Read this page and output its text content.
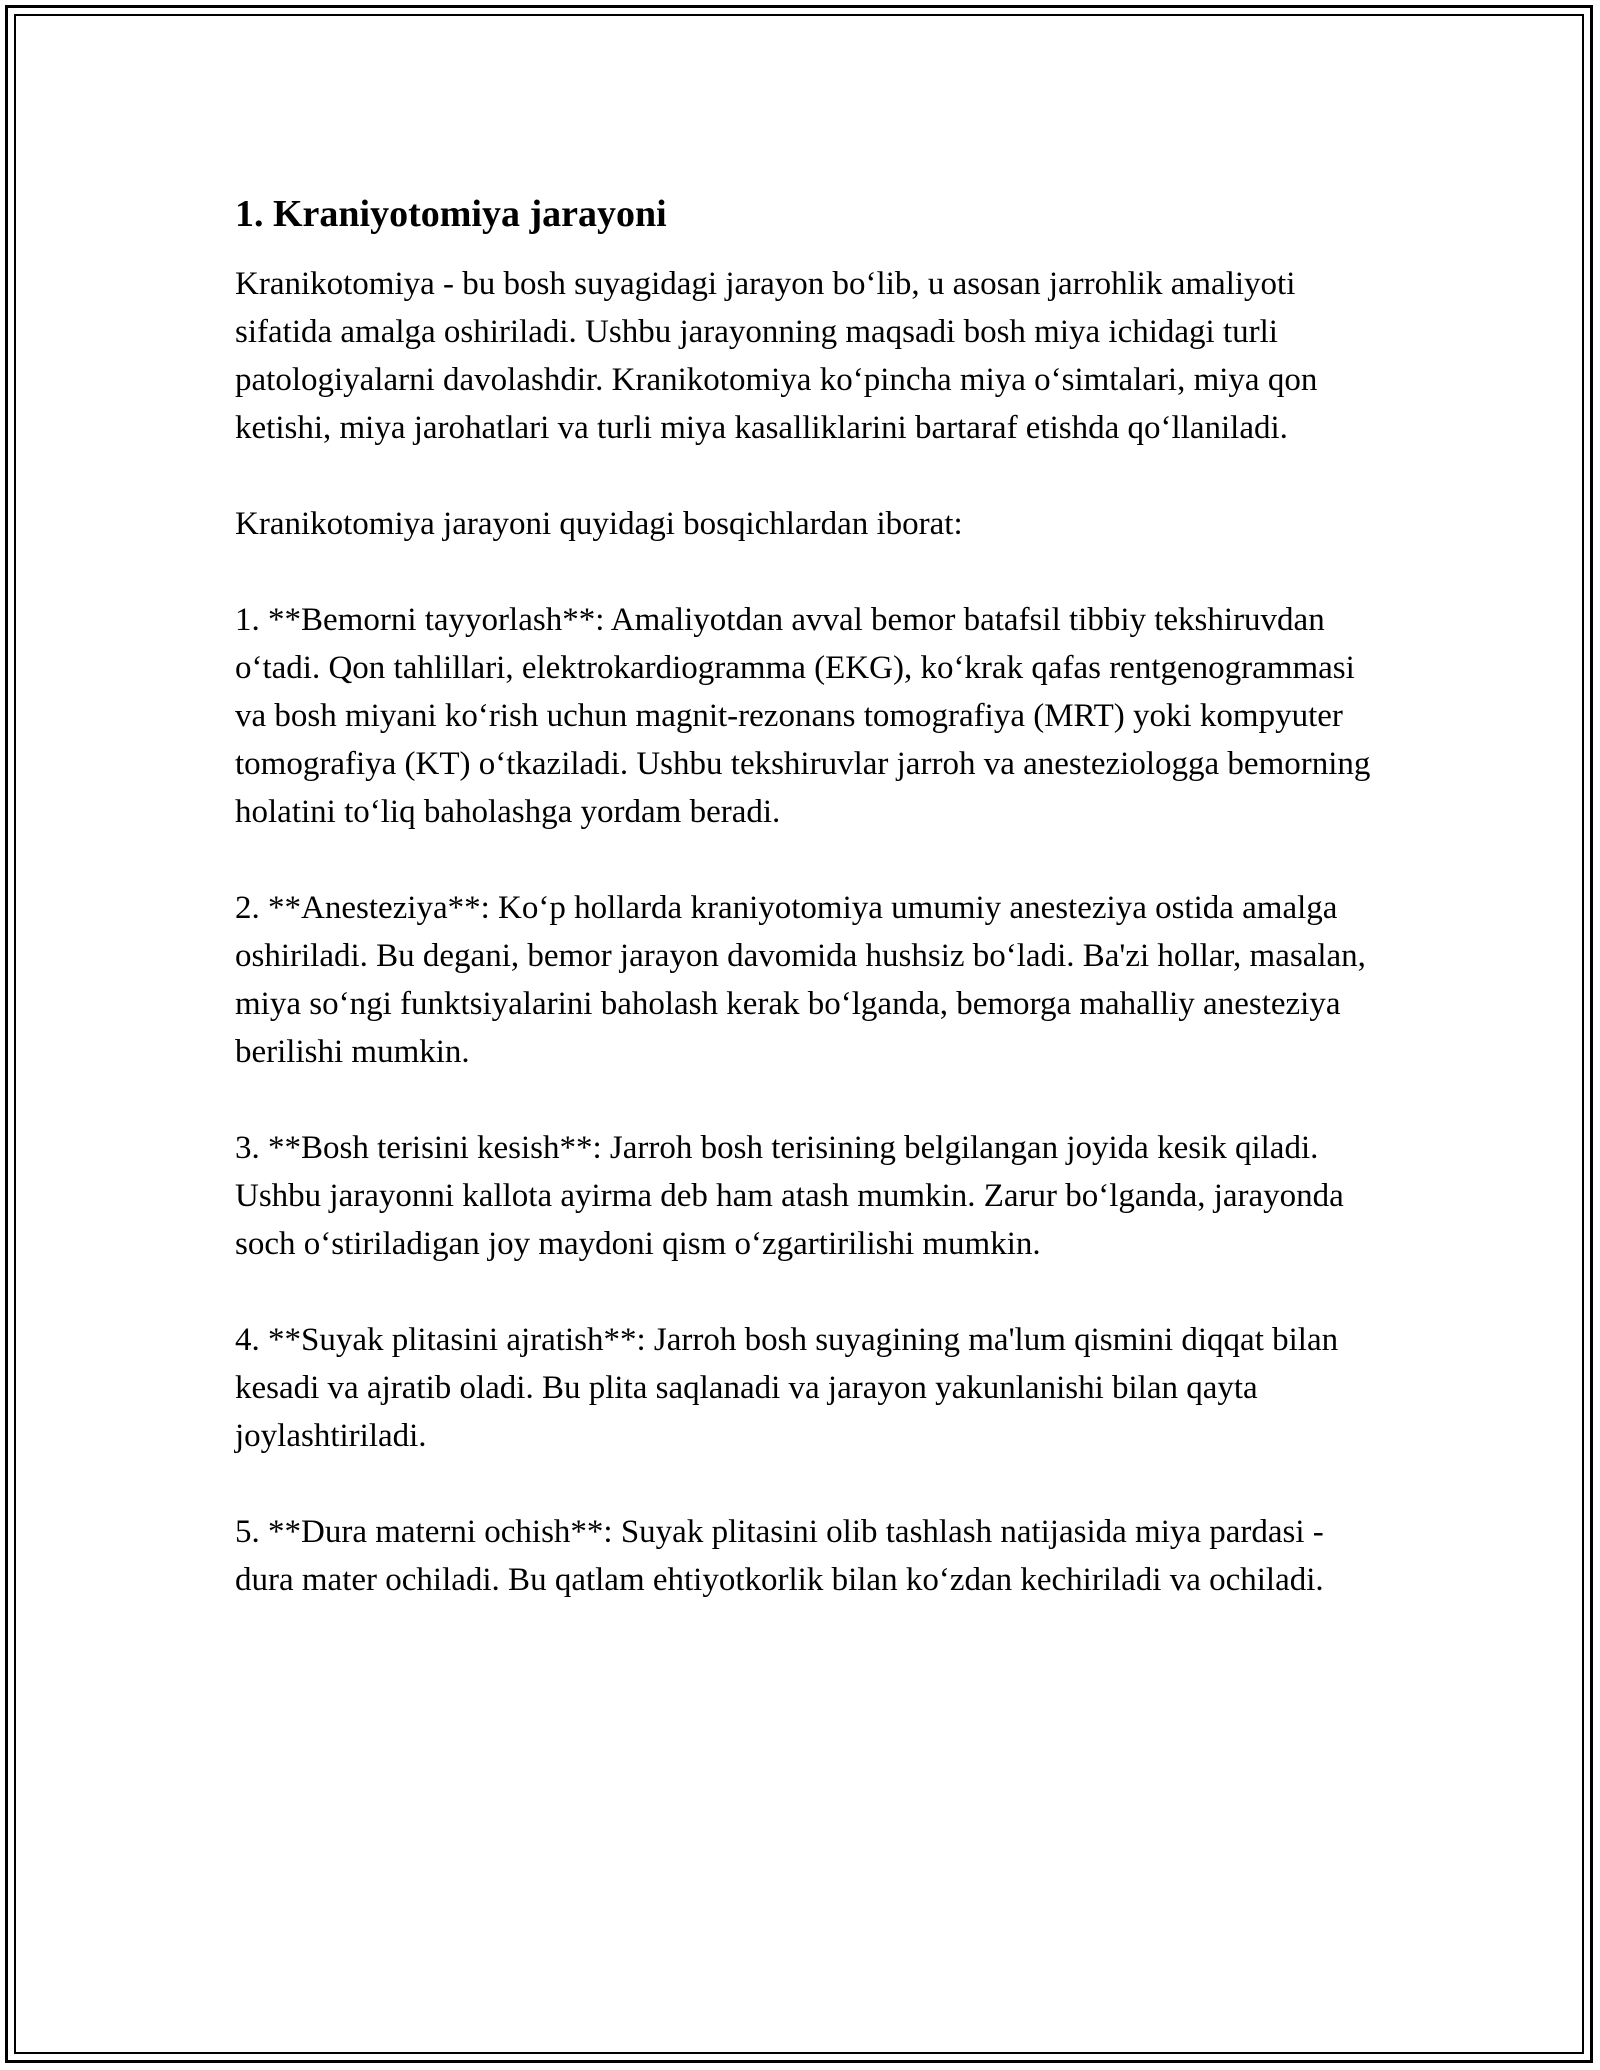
1. Kraniyotomiya jarayoni

Kranikotomiya - bu bosh suyagidagi jarayon bo‘lib, u asosan jarrohlik amaliyoti sifatida amalga oshiriladi. Ushbu jarayonning maqsadi bosh miya ichidagi turli patologiyalarni davolashdir. Kranikotomiya ko‘pincha miya o‘simtalari, miya qon ketishi, miya jarohatlari va turli miya kasalliklarini bartaraf etishda qo‘llaniladi.

Kranikotomiya jarayoni quyidagi bosqichlardan iborat:

1. **Bemorni tayyorlash**: Amaliyotdan avval bemor batafsil tibbiy tekshiruvdan o‘tadi. Qon tahlillari, elektrokardiogramma (EKG), ko‘krak qafas rentgenogrammasi va bosh miyani ko‘rish uchun magnit-rezonans tomografiya (MRT) yoki kompyuter tomografiya (KT) o‘tkaziladi. Ushbu tekshiruvlar jarroh va anesteziologga bemorning holatini to‘liq baholashga yordam beradi.

2. **Anesteziya**: Ko‘p hollarda kraniyotomiya umumiy anesteziya ostida amalga oshiriladi. Bu degani, bemor jarayon davomida hushsiz bo‘ladi. Ba'zi hollar, masalan, miya so‘ngi funktsiyalarini baholash kerak bo‘lganda, bemorga mahalliy anesteziya berilishi mumkin.

3. **Bosh terisini kesish**: Jarroh bosh terisining belgilangan joyida kesik qiladi. Ushbu jarayonni kallota ayirma deb ham atash mumkin. Zarur bo‘lganda, jarayonda soch o‘stiriladigan joy maydoni qism o‘zgartirilishi mumkin.

4. **Suyak plitasini ajratish**: Jarroh bosh suyagining ma'lum qismini diqqat bilan kesadi va ajratib oladi. Bu plita saqlanadi va jarayon yakunlanishi bilan qayta joylashtiriladi.

5. **Dura materni ochish**: Suyak plitasini olib tashlash natijasida miya pardasi - dura mater ochiladi. Bu qatlam ehtiyotkorlik bilan ko‘zdan kechiriladi va ochiladi.
